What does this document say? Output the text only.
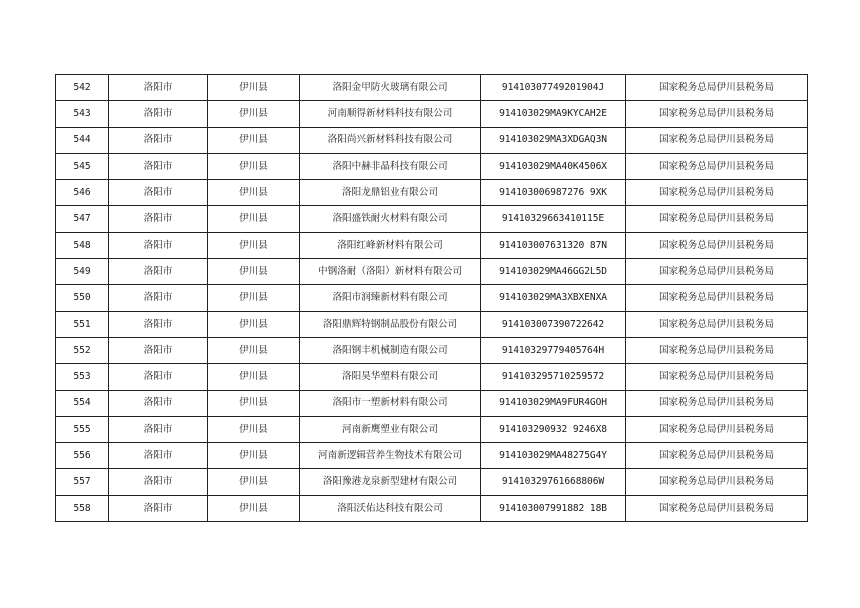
542	洛阳市	伊川县	洛阳金甲防火玻璃有限公司	91410307749201904J	国家税务总局伊川县税务局
543	洛阳市	伊川县	河南顺得新材料科技有限公司	914103029MA9KYCAH2E	国家税务总局伊川县税务局
544	洛阳市	伊川县	洛阳尚兴新材料科技有限公司	914103029MA3XDGAQ3N	国家税务总局伊川县税务局
545	洛阳市	伊川县	洛阳中赫非晶科技有限公司	914103029MA40K4506X	国家税务总局伊川县税务局
546	洛阳市	伊川县	洛阳龙鼎铝业有限公司	914103006987276 9XK	国家税务总局伊川县税务局
547	洛阳市	伊川县	洛阳盛铁耐火材料有限公司	91410329663410115E	国家税务总局伊川县税务局
548	洛阳市	伊川县	洛阳红峰新材料有限公司	914103007631320 87N	国家税务总局伊川县税务局
549	洛阳市	伊川县	中钢洛耐（洛阳）新材料有限公司	914103029MA46GG2L5D	国家税务总局伊川县税务局
550	洛阳市	伊川县	洛阳市润臻新材料有限公司	914103029MA3XBXENXA	国家税务总局伊川县税务局
551	洛阳市	伊川县	洛阳鼎辉特钢制品股份有限公司	914103007390722642	国家税务总局伊川县税务局
552	洛阳市	伊川县	洛阳钢丰机械制造有限公司	91410329779405764H	国家税务总局伊川县税务局
553	洛阳市	伊川县	洛阳昊华塑料有限公司	914103295710259572	国家税务总局伊川县税务局
554	洛阳市	伊川县	洛阳市一塑新材料有限公司	914103029MA9FUR4GOH	国家税务总局伊川县税务局
555	洛阳市	伊川县	河南新鹰塑业有限公司	914103290932 9246X8	国家税务总局伊川县税务局
556	洛阳市	伊川县	河南新逻辑营养生物技术有限公司	914103029MA48275G4Y	国家税务总局伊川县税务局
557	洛阳市	伊川县	洛阳豫港龙泉新型建材有限公司	91410329761668806W	国家税务总局伊川县税务局
558	洛阳市	伊川县	洛阳沃佑达科技有限公司	914103007991882 18B	国家税务总局伊川县税务局
